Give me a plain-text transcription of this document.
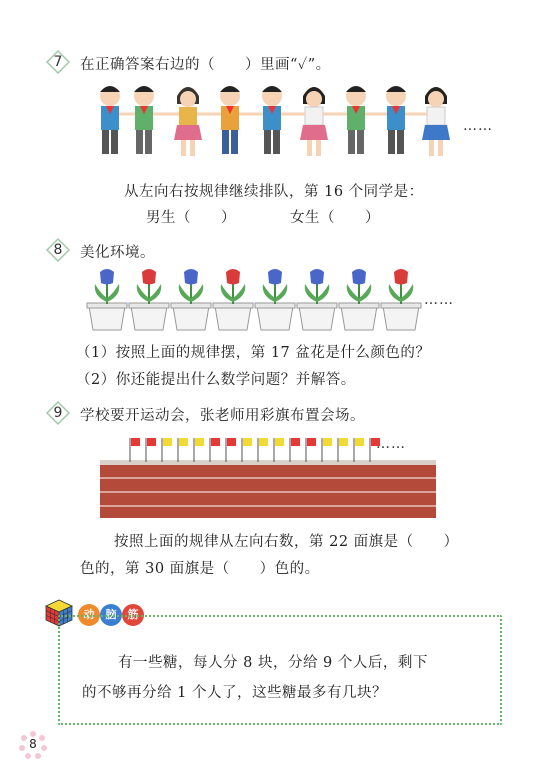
7	在正确答案右边的（　　）里画“✓”。
……
从左向右按规律继续排队，第 16 个同学是：
男生（　　）	女生（　　）
8	美化环境。
……
（1）按照上面的规律摆，第 17 盆花是什么颜色的？
（2）你还能提出什么数学问题？并解答。
9	学校要开运动会，张老师用彩旗布置会场。
……
按照上面的规律从左向右数，第 22 面旗是（　　）
色的，第 30 面旗是（　　）色的。
动	脑	筋
有一些糖，每人分 8 块，分给 9 个人后，剩下
的不够再分给 1 个人了，这些糖最多有几块？
8
